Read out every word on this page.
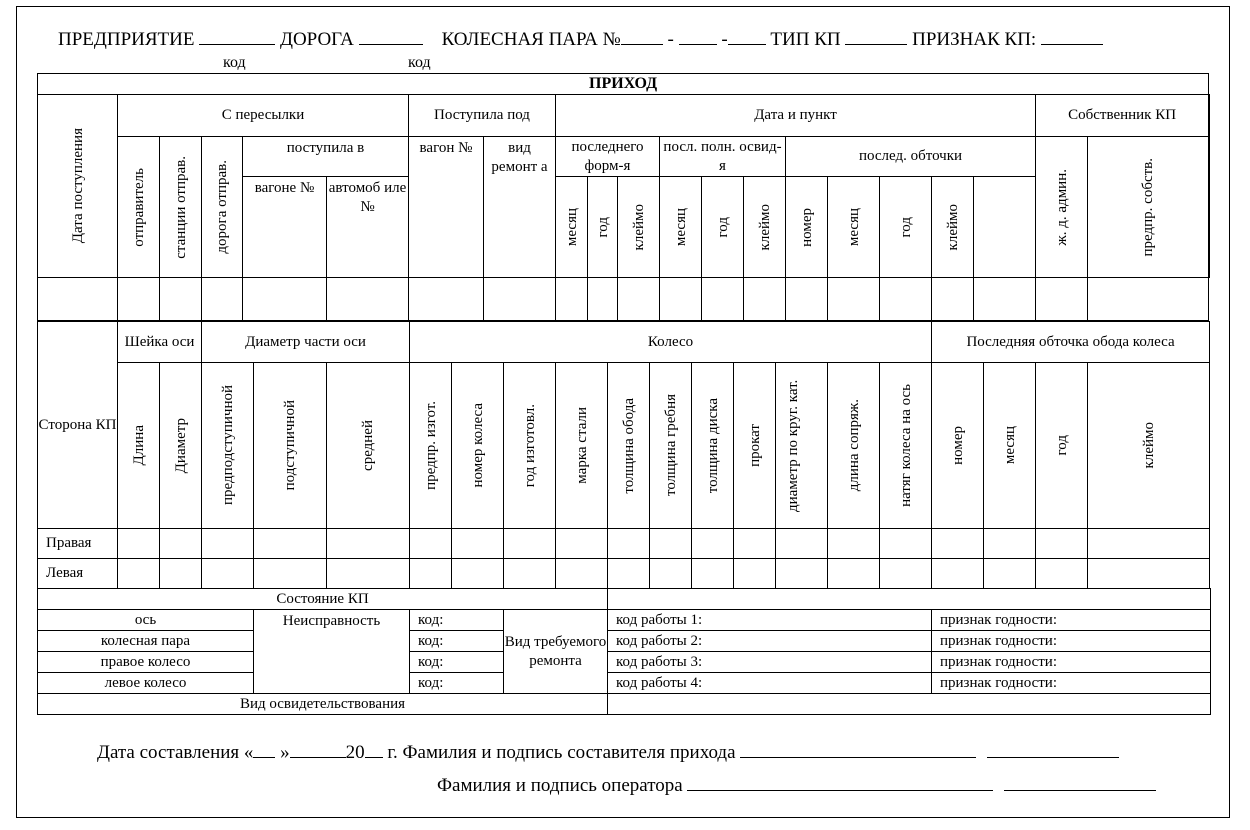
ПРЕДПРИЯТИЕ	ДОРОГА	КОЛЕСНАЯ ПАРА № -	- ТИП КП	ПРИЗНАК КП:
код	код
ПРИХОД																					

Дата поступления	С пересылки					Поступила под		Дата и пункт											Собственник КП	

	отправитель	станции отправ.	дорога отправ.	поступила в		вагон №	вид ремонт а	последнего форм-я			посл. полн. освид-я			послед. обточки					ж. д. админ.	предпр. собств.	

				вагоне №	автомоб иле №			месяц	год	клеймо	месяц	год	клеймо	номер	месяц	год	клеймо				

Сторона КП	Шейка оси		Диаметр части оси			Колесо											Последняя обточка обода колеса			

	Длина	Диаметр	предподступичной	подступичной	средней	предпр. изгот.	номер колеса	год изготовл.	марка стали	толщина обода	толщина гребня	толщина диска	прокат	диаметр по круг. кат.	длина сопряж.	натяг колеса на ось	номер	месяц	год	клеймо

Правая																				
Левая																				
Состояние КП					
ось	Неисправность	код:	Вид требуемого ремонта	код работы 1:	признак годности:
колесная пара		код:		код работы 2:	признак годности:
правое колесо		код:		код работы 3:	признак годности:
левое колесо		код:		код работы 4:	признак годности:
Вид освидетельствования					
Дата составления « »	20 г. Фамилия и подпись составителя прихода
Фамилия и подпись оператора
